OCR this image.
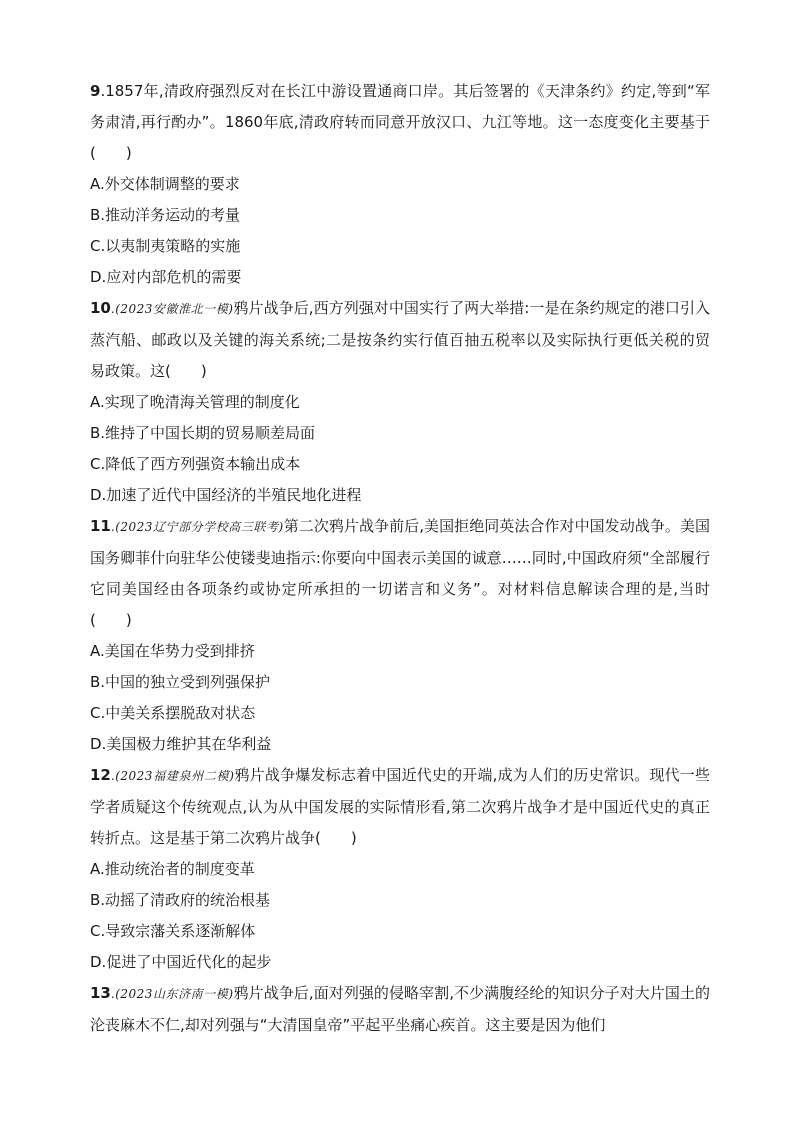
9.1857年,清政府强烈反对在长江中游设置通商口岸。其后签署的《天津条约》约定,等到“军务肃清,再行酌办”。1860年底,清政府转而同意开放汉口、九江等地。这一态度变化主要基于(　　)

A.外交体制调整的要求

B.推动洋务运动的考量

C.以夷制夷策略的实施

D.应对内部危机的需要

10.(2023安徽淮北一模)鸦片战争后,西方列强对中国实行了两大举措:一是在条约规定的港口引入蒸汽船、邮政以及关键的海关系统;二是按条约实行值百抽五税率以及实际执行更低关税的贸易政策。这(　　)

A.实现了晚清海关管理的制度化

B.维持了中国长期的贸易顺差局面

C.降低了西方列强资本输出成本

D.加速了近代中国经济的半殖民地化进程

11.(2023辽宁部分学校高三联考)第二次鸦片战争前后,美国拒绝同英法合作对中国发动战争。美国国务卿菲什向驻华公使镂斐迪指示:你要向中国表示美国的诚意……同时,中国政府须“全部履行它同美国经由各项条约或协定所承担的一切诺言和义务”。对材料信息解读合理的是,当时(　　)

A.美国在华势力受到排挤

B.中国的独立受到列强保护

C.中美关系摆脱敌对状态

D.美国极力维护其在华利益

12.(2023福建泉州二模)鸦片战争爆发标志着中国近代史的开端,成为人们的历史常识。现代一些学者质疑这个传统观点,认为从中国发展的实际情形看,第二次鸦片战争才是中国近代史的真正转折点。这是基于第二次鸦片战争(　　)

A.推动统治者的制度变革

B.动摇了清政府的统治根基

C.导致宗藩关系逐渐解体

D.促进了中国近代化的起步

13.(2023山东济南一模)鸦片战争后,面对列强的侵略宰割,不少满腹经纶的知识分子对大片国土的沦丧麻木不仁,却对列强与“大清国皇帝”平起平坐痛心疾首。这主要是因为他们
